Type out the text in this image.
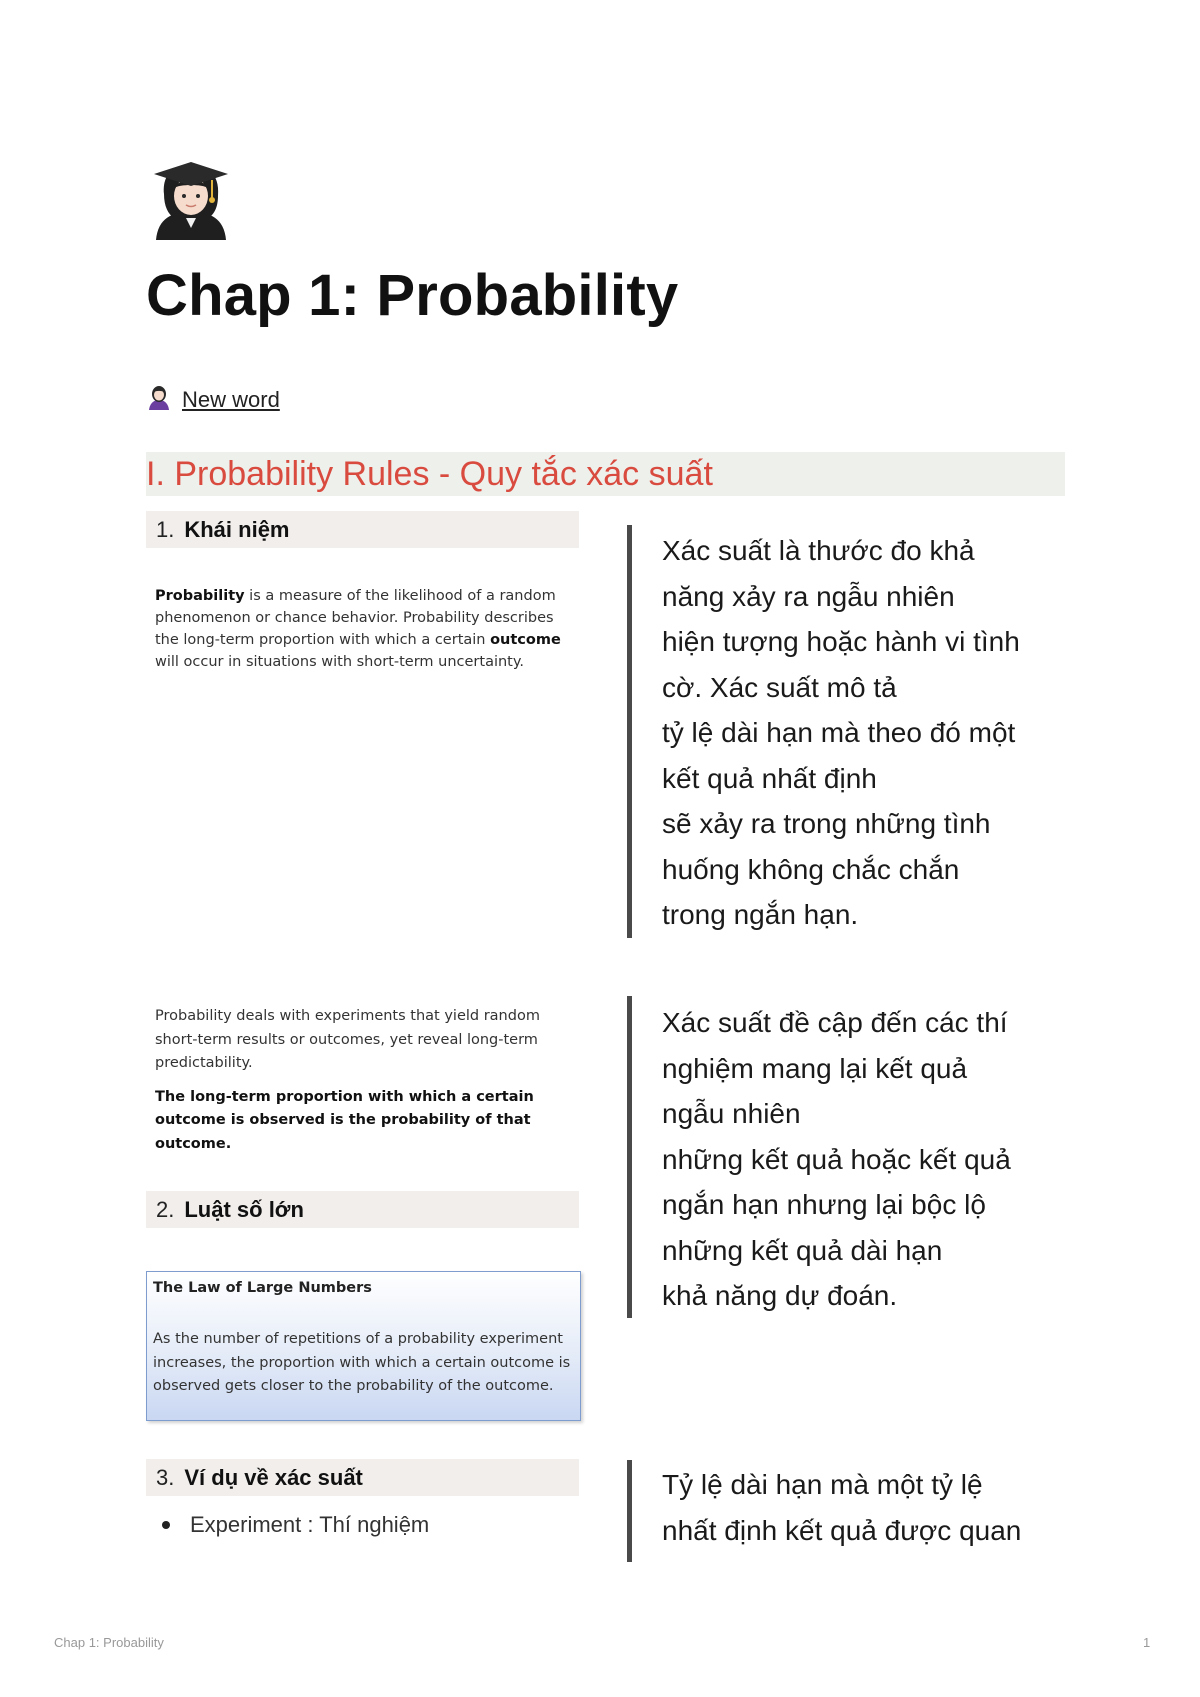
Chap 1: Probability
New word
I. Probability Rules - Quy tắc xác suất
1. Khái niệm
Probability is a measure of the likelihood of a random phenomenon or chance behavior. Probability describes the long-term proportion with which a certain outcome will occur in situations with short-term uncertainty.
Xác suất là thước đo khả
năng xảy ra ngẫu nhiên
hiện tượng hoặc hành vi tình
cờ. Xác suất mô tả
tỷ lệ dài hạn mà theo đó một
kết quả nhất định
sẽ xảy ra trong những tình
huống không chắc chắn
trong ngắn hạn.
Probability deals with experiments that yield random short-term results or outcomes, yet reveal long-term predictability.
The long-term proportion with which a certain outcome is observed is the probability of that outcome.
Xác suất đề cập đến các thí
nghiệm mang lại kết quả
ngẫu nhiên
những kết quả hoặc kết quả
ngắn hạn nhưng lại bộc lộ
những kết quả dài hạn
khả năng dự đoán.
2. Luật số lớn
The Law of Large Numbers
As the number of repetitions of a probability experiment increases, the proportion with which a certain outcome is observed gets closer to the probability of the outcome.
3. Ví dụ về xác suất
Experiment : Thí nghiệm
Tỷ lệ dài hạn mà một tỷ lệ
nhất định kết quả được quan
Chap 1: Probability	1
